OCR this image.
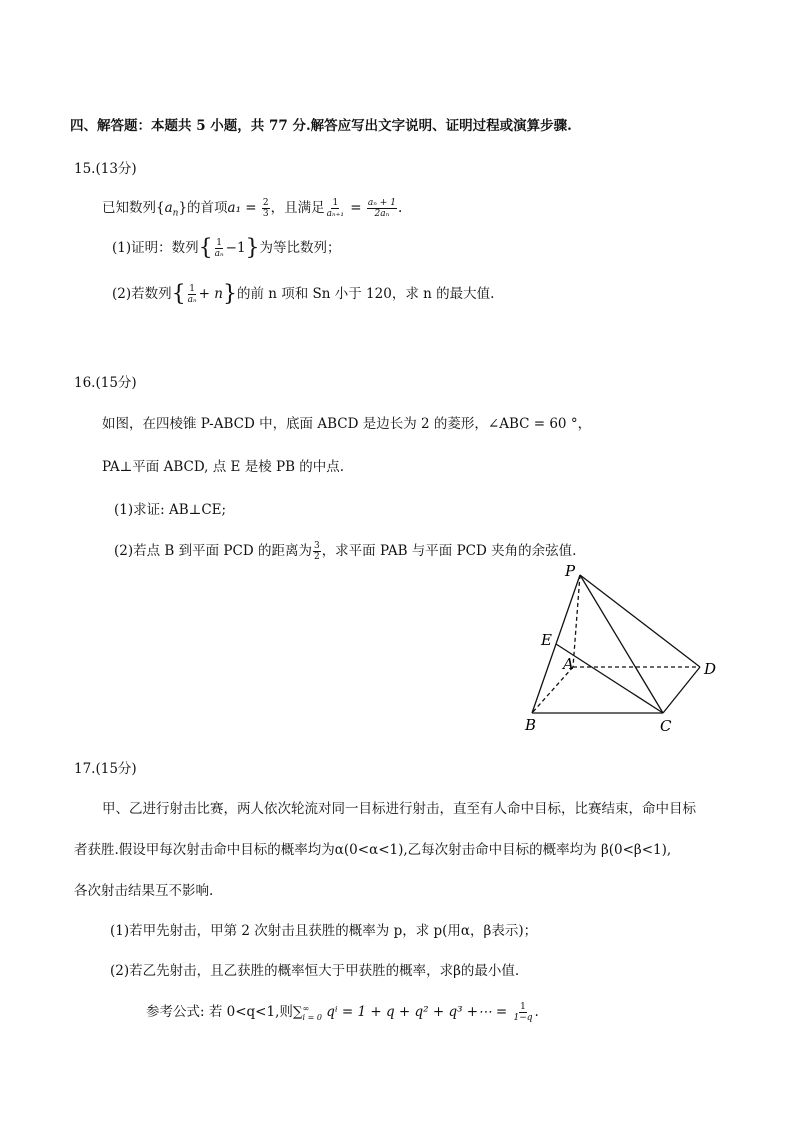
四、解答题：本题共 5 小题，共 77 分.解答应写出文字说明、证明过程或演算步骤.
15.(13分)
已知数列$\{a_n\}$的首项$a_1 = \frac{2}{3}$ ，且满足 $\frac{1}{\text{aₙ₊₁}} = \frac{\text{aₙ + 1}}{\text{2aₙ}}$ .
(1)证明：数列{ $\frac{1}{\text{aₙ}} -1$}为等比数列；
(2)若数列{ $\frac{1}{\text{aₙ}} + n$}的前 n 项和 Sn 小于 120，求 n 的最大值.
16.(15分)
如图，在四棱锥 P-ABCD 中，底面 ABCD 是边长为 2 的菱形，∠ABC = 60 °，
PA⊥平面 ABCD, 点 E 是棱 PB 的中点.
(1)求证: AB⊥CE;
(2)若点 B 到平面 PCD 的距离为 $\frac{3}{2}$ ，求平面 PAB 与平面 PCD 夹角的余弦值.
P
E
A	D
B	C
17.(15分)
甲、乙进行射击比赛，两人依次轮流对同一目标进行射击，直至有人命中目标，比赛结束，命中目标
者获胜.假设甲每次射击命中目标的概率均为α(0<α<1),乙每次射击命中目标的概率均为 β(0<β<1),
各次射击结果互不影响.
(1)若甲先射击，甲第 2 次射击且获胜的概率为 p，求 p(用α，β表示)；
(2)若乙先射击，且乙获胜的概率恒大于甲获胜的概率，求β的最小值.
参考公式: 若 0<q<1,则∑ ∞
i = 0 qⁱ = 1 + q + q² + q³ +⋯ = $\frac{1}{1-q}$ .
